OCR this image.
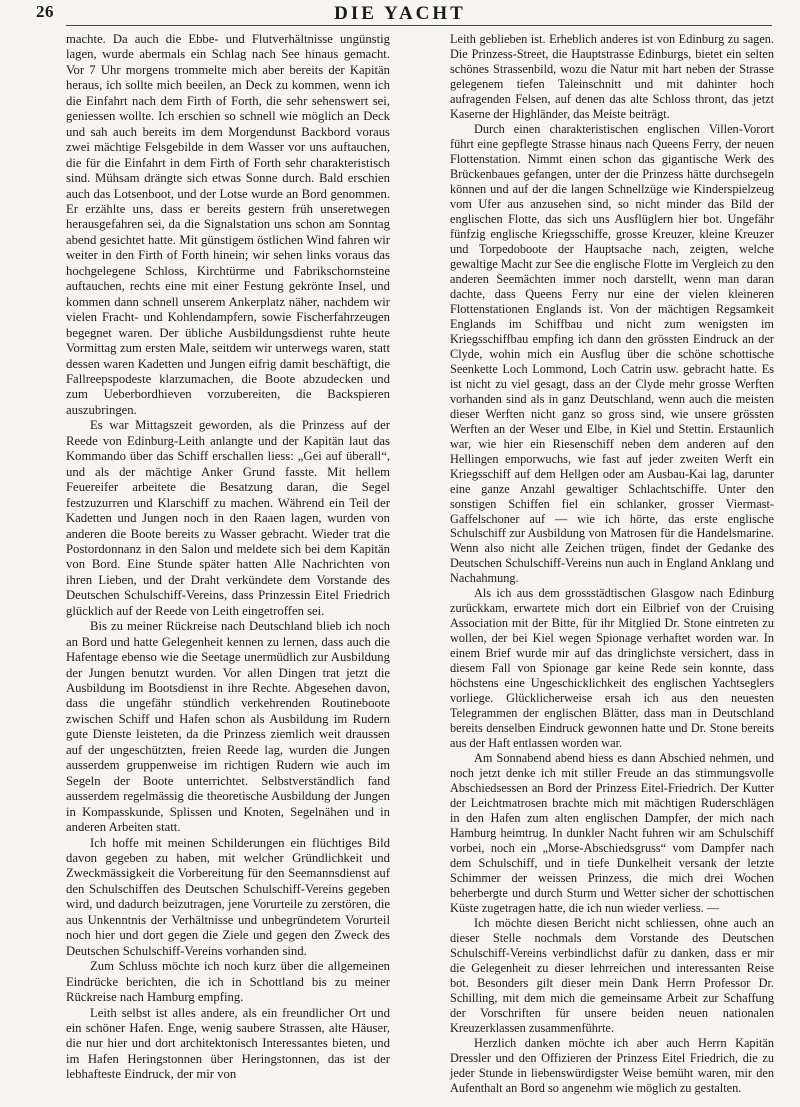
26	DIE YACHT

machte. Da auch die Ebbe- und Flutverhältnisse ungünstig lagen, wurde abermals ein Schlag nach See hinaus gemacht. Vor 7 Uhr morgens trommelte mich aber bereits der Kapitän heraus, ich sollte mich beeilen, an Deck zu kommen, wenn ich die Einfahrt nach dem Firth of Forth, die sehr sehenswert sei, geniessen wollte. Ich erschien so schnell wie möglich an Deck und sah auch bereits im dem Morgendunst Backbord voraus zwei mächtige Felsgebilde in dem Wasser vor uns auftauchen, die für die Einfahrt in dem Firth of Forth sehr charakteristisch sind. Mühsam drängte sich etwas Sonne durch. Bald erschien auch das Lotsenboot, und der Lotse wurde an Bord genommen. Er erzählte uns, dass er bereits gestern früh unseretwegen herausgefahren sei, da die Signalstation uns schon am Sonntag abend gesichtet hatte. Mit günstigem östlichen Wind fahren wir weiter in den Firth of Forth hinein; wir sehen links voraus das hochgelegene Schloss, Kirchtürme und Fabrikschornsteine auftauchen, rechts eine mit einer Festung gekrönte Insel, und kommen dann schnell unserem Ankerplatz näher, nachdem wir vielen Fracht- und Kohlendampfern, sowie Fischerfahrzeugen begegnet waren. Der übliche Ausbildungsdienst ruhte heute Vormittag zum ersten Male, seitdem wir unterwegs waren, statt dessen waren Kadetten und Jungen eifrig damit beschäftigt, die Fallreepspodeste klarzumachen, die Boote abzudecken und zum Ueberbordhieven vorzubereiten, die Backspieren auszubringen.

Es war Mittagszeit geworden, als die Prinzess auf der Reede von Edinburg-Leith anlangte und der Kapitän laut das Kommando über das Schiff erschallen liess: „Gei auf überall“, und als der mächtige Anker Grund fasste. Mit hellem Feuereifer arbeitete die Besatzung daran, die Segel festzuzurren und Klarschiff zu machen. Während ein Teil der Kadetten und Jungen noch in den Raaen lagen, wurden von anderen die Boote bereits zu Wasser gebracht. Wieder trat die Postordonnanz in den Salon und meldete sich bei dem Kapitän von Bord. Eine Stunde später hatten Alle Nachrichten von ihren Lieben, und der Draht verkündete dem Vorstande des Deutschen Schulschiff-Vereins, dass Prinzessin Eitel Friedrich glücklich auf der Reede von Leith eingetroffen sei.

Bis zu meiner Rückreise nach Deutschland blieb ich noch an Bord und hatte Gelegenheit kennen zu lernen, dass auch die Hafentage ebenso wie die Seetage unermüdlich zur Ausbildung der Jungen benutzt wurden. Vor allen Dingen trat jetzt die Ausbildung im Bootsdienst in ihre Rechte. Abgesehen davon, dass die ungefähr stündlich verkehrenden Routineboote zwischen Schiff und Hafen schon als Ausbildung im Rudern gute Dienste leisteten, da die Prinzess ziemlich weit draussen auf der ungeschützten, freien Reede lag, wurden die Jungen ausserdem gruppenweise im richtigen Rudern wie auch im Segeln der Boote unterrichtet. Selbstverständlich fand ausserdem regelmässig die theoretische Ausbildung der Jungen in Kompasskunde, Splissen und Knoten, Segelnähen und in anderen Arbeiten statt.

Ich hoffe mit meinen Schilderungen ein flüchtiges Bild davon gegeben zu haben, mit welcher Gründlichkeit und Zweckmässigkeit die Vorbereitung für den Seemannsdienst auf den Schulschiffen des Deutschen Schulschiff-Vereins gegeben wird, und dadurch beizutragen, jene Vorurteile zu zerstören, die aus Unkenntnis der Verhältnisse und unbegründetem Vorurteil noch hier und dort gegen die Ziele und gegen den Zweck des Deutschen Schulschiff-Vereins vorhanden sind.

Zum Schluss möchte ich noch kurz über die allgemeinen Eindrücke berichten, die ich in Schottland bis zu meiner Rückreise nach Hamburg empfing.

Leith selbst ist alles andere, als ein freundlicher Ort und ein schöner Hafen. Enge, wenig saubere Strassen, alte Häuser, die nur hier und dort architektonisch Interessantes bieten, und im Hafen Heringstonnen über Heringstonnen, das ist der lebhafteste Eindruck, der mir von

Leith geblieben ist. Erheblich anderes ist von Edinburg zu sagen. Die Prinzess-Street, die Hauptstrasse Edinburgs, bietet ein selten schönes Strassenbild, wozu die Natur mit hart neben der Strasse gelegenem tiefen Taleinschnitt und mit dahinter hoch aufragenden Felsen, auf denen das alte Schloss thront, das jetzt Kaserne der Highländer, das Meiste beiträgt.

Durch einen charakteristischen englischen Villen-Vorort führt eine gepflegte Strasse hinaus nach Queens Ferry, der neuen Flottenstation. Nimmt einen schon das gigantische Werk des Brückenbaues gefangen, unter der die Prinzess hätte durchsegeln können und auf der die langen Schnellzüge wie Kinderspielzeug vom Ufer aus anzusehen sind, so nicht minder das Bild der englischen Flotte, das sich uns Ausflüglern hier bot. Ungefähr fünfzig englische Kriegsschiffe, grosse Kreuzer, kleine Kreuzer und Torpedoboote der Hauptsache nach, zeigten, welche gewaltige Macht zur See die englische Flotte im Vergleich zu den anderen Seemächten immer noch darstellt, wenn man daran dachte, dass Queens Ferry nur eine der vielen kleineren Flottenstationen Englands ist. Von der mächtigen Regsamkeit Englands im Schiffbau und nicht zum wenigsten im Kriegsschiffbau empfing ich dann den grössten Eindruck an der Clyde, wohin mich ein Ausflug über die schöne schottische Seenkette Loch Lommond, Loch Catrin usw. gebracht hatte. Es ist nicht zu viel gesagt, dass an der Clyde mehr grosse Werften vorhanden sind als in ganz Deutschland, wenn auch die meisten dieser Werften nicht ganz so gross sind, wie unsere grössten Werften an der Weser und Elbe, in Kiel und Stettin. Erstaunlich war, wie hier ein Riesenschiff neben dem anderen auf den Hellingen emporwuchs, wie fast auf jeder zweiten Werft ein Kriegsschiff auf dem Hellgen oder am Ausbau-Kai lag, darunter eine ganze Anzahl gewaltiger Schlachtschiffe. Unter den sonstigen Schiffen fiel ein schlanker, grosser Viermast-Gaffelschoner auf — wie ich hörte, das erste englische Schulschiff zur Ausbildung von Matrosen für die Handelsmarine. Wenn also nicht alle Zeichen trügen, findet der Gedanke des Deutschen Schulschiff-Vereins nun auch in England Anklang und Nachahmung.

Als ich aus dem grossstädtischen Glasgow nach Edinburg zurückkam, erwartete mich dort ein Eilbrief von der Cruising Association mit der Bitte, für ihr Mitglied Dr. Stone eintreten zu wollen, der bei Kiel wegen Spionage verhaftet worden war. In einem Brief wurde mir auf das dringlichste versichert, dass in diesem Fall von Spionage gar keine Rede sein konnte, dass höchstens eine Ungeschicklichkeit des englischen Yachtseglers vorliege. Glücklicherweise ersah ich aus den neuesten Telegrammen der englischen Blätter, dass man in Deutschland bereits denselben Eindruck gewonnen hatte und Dr. Stone bereits aus der Haft entlassen worden war.

Am Sonnabend abend hiess es dann Abschied nehmen, und noch jetzt denke ich mit stiller Freude an das stimmungsvolle Abschiedsessen an Bord der Prinzess Eitel-Friedrich. Der Kutter der Leichtmatrosen brachte mich mit mächtigen Ruderschlägen in den Hafen zum alten englischen Dampfer, der mich nach Hamburg heimtrug. In dunkler Nacht fuhren wir am Schulschiff vorbei, noch ein „Morse-Abschiedsgruss“ vom Dampfer nach dem Schulschiff, und in tiefe Dunkelheit versank der letzte Schimmer der weissen Prinzess, die mich drei Wochen beherbergte und durch Sturm und Wetter sicher der schottischen Küste zugetragen hatte, die ich nun wieder verliess. —

Ich möchte diesen Bericht nicht schliessen, ohne auch an dieser Stelle nochmals dem Vorstande des Deutschen Schulschiff-Vereins verbindlichst dafür zu danken, dass er mir die Gelegenheit zu dieser lehrreichen und interessanten Reise bot. Besonders gilt dieser mein Dank Herrn Professor Dr. Schilling, mit dem mich die gemeinsame Arbeit zur Schaffung der Vorschriften für unsere beiden neuen nationalen Kreuzerklassen zusammenführte.

Herzlich danken möchte ich aber auch Herrn Kapitän Dressler und den Offizieren der Prinzess Eitel Friedrich, die zu jeder Stunde in liebenswürdigster Weise bemüht waren, mir den Aufenthalt an Bord so angenehm wie möglich zu gestalten.
